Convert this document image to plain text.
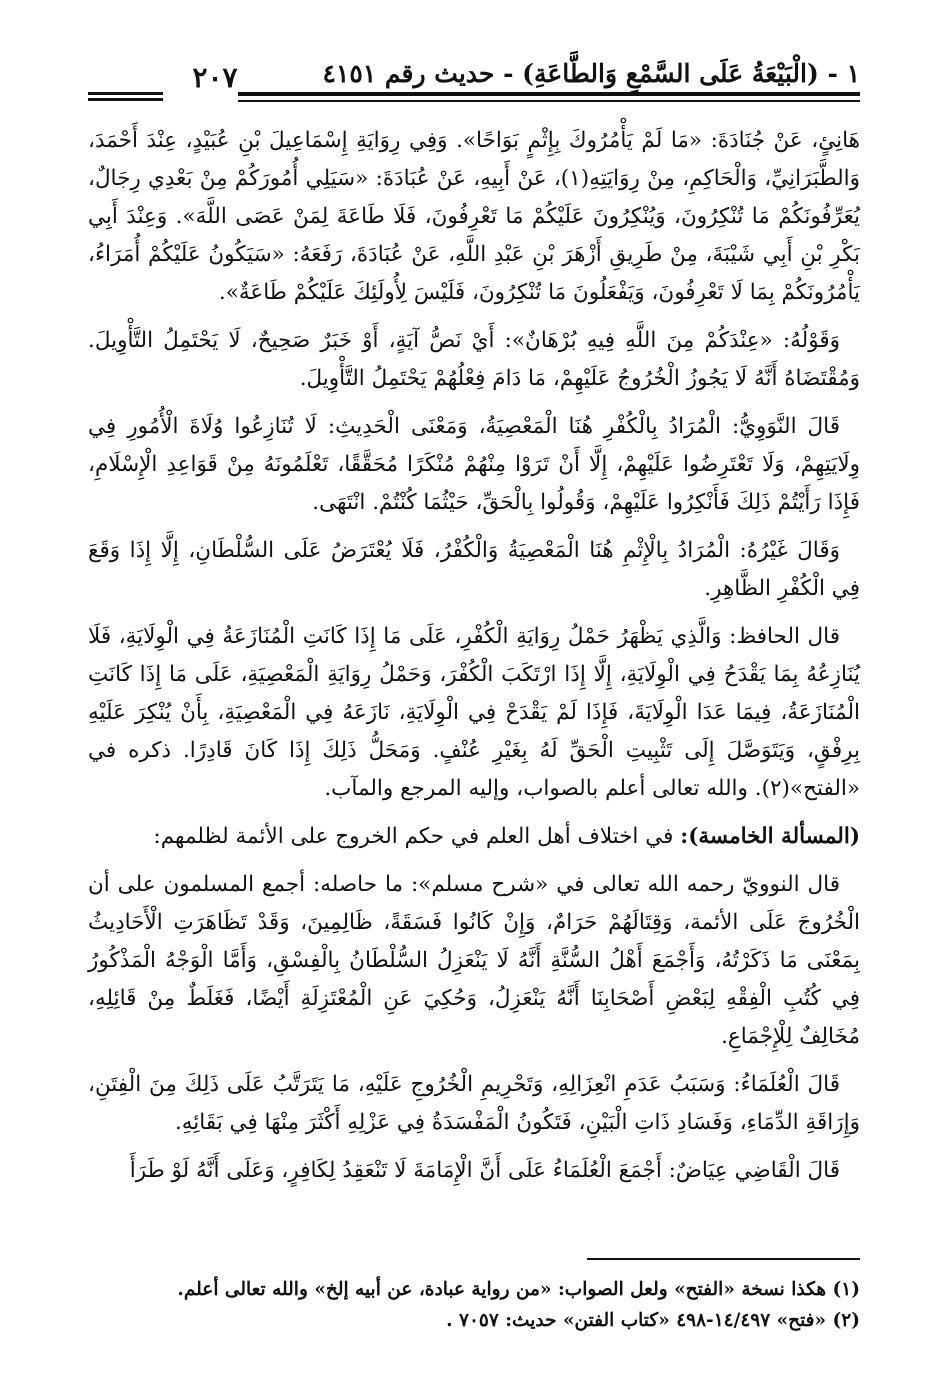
٢٠٧	١ - (الْبَيْعَةُ عَلَى السَّمْعِ وَالطَّاعَةِ) - حديث رقم ٤١٥١

هَانِئٍ، عَنْ جُنَادَةَ: «مَا لَمْ يَأْمُرُوكَ بِإِثْمٍ بَوَاحًا». وَفِي رِوَايَةِ إِسْمَاعِيلَ بْنِ عُبَيْدٍ، عِنْدَ أَحْمَدَ، وَالطَّبَرَانِيِّ، وَالْحَاكِمِ، مِنْ رِوَايَتِهِ(١)، عَنْ أَبِيهِ، عَنْ عُبَادَةَ: «سَيَلِي أُمُورَكُمْ مِنْ بَعْدِي رِجَالٌ، يُعَرِّفُونَكُمْ مَا تُنْكِرُونَ، وَيُنْكِرُونَ عَلَيْكُمْ مَا تَعْرِفُونَ، فَلَا طَاعَةَ لِمَنْ عَصَى اللَّهَ». وَعِنْدَ أَبِي بَكْرِ بْنِ أَبِي شَيْبَةَ، مِنْ طَرِيقِ أَزْهَرَ بْنِ عَبْدِ اللَّهِ، عَنْ عُبَادَةَ، رَفَعَهُ: «سَيَكُونُ عَلَيْكُمْ أُمَرَاءُ، يَأْمُرُونَكُمْ بِمَا لَا تَعْرِفُونَ، وَيَفْعَلُونَ مَا تُنْكِرُونَ، فَلَيْسَ لِأُولَئِكَ عَلَيْكُمْ طَاعَةٌ».

وَقَوْلُهُ: «عِنْدَكُمْ مِنَ اللَّهِ فِيهِ بُرْهَانٌ»: أَيْ نَصُّ آيَةٍ، أَوْ خَبَرٌ صَحِيحٌ، لَا يَحْتَمِلُ التَّأْوِيلَ. وَمُقْتَضَاهُ أَنَّهُ لَا يَجُوزُ الْخُرُوجُ عَلَيْهِمْ، مَا دَامَ فِعْلُهُمْ يَحْتَمِلُ التَّأْوِيلَ.

قَالَ النَّوَوِيُّ: الْمُرَادُ بِالْكُفْرِ هُنَا الْمَعْصِيَةُ، وَمَعْنَى الْحَدِيثِ: لَا تُنَازِعُوا وُلَاةَ الْأُمُورِ فِي وِلَايَتِهِمْ، وَلَا تَعْتَرِضُوا عَلَيْهِمْ، إِلَّا أَنْ تَرَوْا مِنْهُمْ مُنْكَرًا مُحَقَّقًا، تَعْلَمُونَهُ مِنْ قَوَاعِدِ الْإِسْلَامِ، فَإِذَا رَأَيْتُمْ ذَلِكَ فَأَنْكِرُوا عَلَيْهِمْ، وَقُولُوا بِالْحَقِّ، حَيْثُمَا كُنْتُمْ. انْتَهَى.

وَقَالَ غَيْرُهُ: الْمُرَادُ بِالْإِثْمِ هُنَا الْمَعْصِيَةُ وَالْكُفْرُ، فَلَا يُعْتَرَضُ عَلَى السُّلْطَانِ، إِلَّا إِذَا وَقَعَ فِي الْكُفْرِ الظَّاهِرِ.

قال الحافظ: وَالَّذِي يَظْهَرُ حَمْلُ رِوَايَةِ الْكُفْرِ، عَلَى مَا إِذَا كَانَتِ الْمُنَازَعَةُ فِي الْوِلَايَةِ، فَلَا يُنَازِعُهُ بِمَا يَقْدَحُ فِي الْوِلَايَةِ، إِلَّا إِذَا ارْتَكَبَ الْكُفْرَ، وَحَمْلُ رِوَايَةِ الْمَعْصِيَةِ، عَلَى مَا إِذَا كَانَتِ الْمُنَازَعَةُ، فِيمَا عَدَا الْوِلَايَةَ، فَإِذَا لَمْ يَقْدَحْ فِي الْوِلَايَةِ، نَازَعَهُ فِي الْمَعْصِيَةِ، بِأَنْ يُنْكِرَ عَلَيْهِ بِرِفْقٍ، وَيَتَوَصَّلَ إِلَى تَثْبِيتِ الْحَقِّ لَهُ بِغَيْرِ عُنْفٍ. وَمَحَلُّ ذَلِكَ إِذَا كَانَ قَادِرًا. ذكره في «الفتح»(٢). والله تعالى أعلم بالصواب، وإليه المرجع والمآب.

(المسألة الخامسة): في اختلاف أهل العلم في حكم الخروج على الأئمة لظلمهم:

قال النوويّ رحمه الله تعالى في «شرح مسلم»: ما حاصله: أجمع المسلمون على أن الْخُرُوجَ عَلَى الأئمة، وَقِتَالَهُمْ حَرَامٌ، وَإِنْ كَانُوا فَسَقَةً، ظَالِمِينَ، وَقَدْ تَظَاهَرَتِ الْأَحَادِيثُ بِمَعْنَى مَا ذَكَرْتُهُ، وَأَجْمَعَ أَهْلُ السُّنَّةِ أَنَّهُ لَا يَنْعَزِلُ السُّلْطَانُ بِالْفِسْقِ، وَأَمَّا الْوَجْهُ الْمَذْكُورُ فِي كُتُبِ الْفِقْهِ لِبَعْضِ أَصْحَابِنَا أَنَّهُ يَنْعَزِلُ، وَحُكِيَ عَنِ الْمُعْتَزِلَةِ أَيْضًا، فَغَلَطٌ مِنْ قَائِلِهِ، مُخَالِفٌ لِلْإِجْمَاعِ.

قَالَ الْعُلَمَاءُ: وَسَبَبُ عَدَمِ انْعِزَالِهِ، وَتَحْرِيمِ الْخُرُوجِ عَلَيْهِ، مَا يَتَرَتَّبُ عَلَى ذَلِكَ مِنَ الْفِتَنِ، وَإِرَاقَةِ الدِّمَاءِ، وَفَسَادِ ذَاتِ الْبَيْنِ، فَتَكُونُ الْمَفْسَدَةُ فِي عَزْلِهِ أَكْثَرَ مِنْهَا فِي بَقَائِهِ.

قَالَ الْقَاضِي عِيَاضٌ: أَجْمَعَ الْعُلَمَاءُ عَلَى أَنَّ الْإِمَامَةَ لَا تَنْعَقِدُ لِكَافِرٍ، وَعَلَى أَنَّهُ لَوْ طَرَأَ

(١) هكذا نسخة «الفتح» ولعل الصواب: «من رواية عبادة، عن أبيه إلخ» والله تعالى أعلم.
(٢) «فتح» ١٤/٤٩٧-٤٩٨ «كتاب الفتن» حديث: ٧٠٥٧ .
